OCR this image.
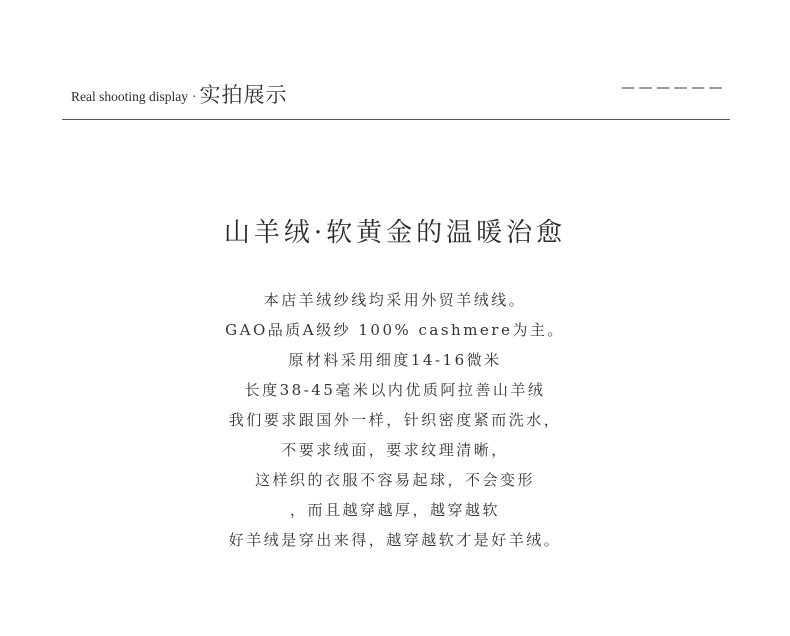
Real shooting display · 实拍展示	——————
山羊绒·软黄金的温暖治愈
本店羊绒纱线均采用外贸羊绒线。
GAO品质A级纱 100% cashmere为主。
原材料采用细度14-16微米
长度38-45毫米以内优质阿拉善山羊绒
我们要求跟国外一样，针织密度紧而洗水，
不要求绒面，要求纹理清晰，
这样织的衣服不容易起球，不会变形
，而且越穿越厚，越穿越软
好羊绒是穿出来得，越穿越软才是好羊绒。
